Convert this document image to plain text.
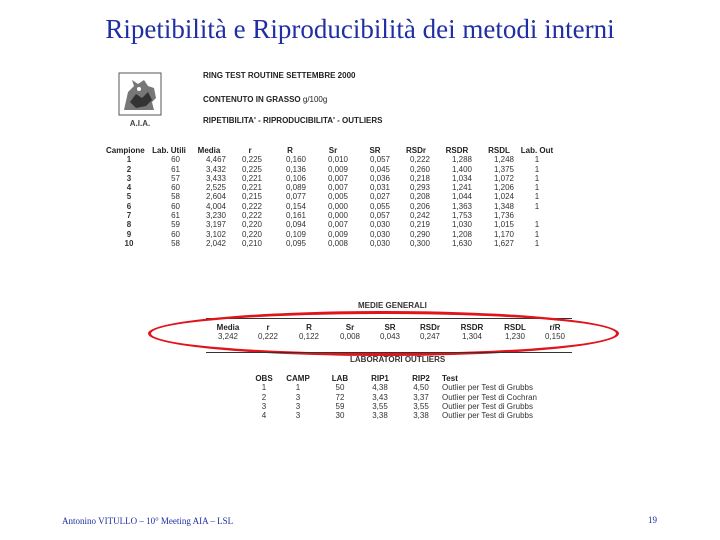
Ripetibilità e Riproducibilità dei metodi interni
A.I.A.
RING TEST ROUTINE SETTEMBRE 2000
CONTENUTO IN GRASSO g/100g
RIPETIBILITA' - RIPRODUCIBILITA' - OUTLIERS
Campione	Lab. Utili	Media	r	R	Sr	SR	RSDr	RSDR	RSDL	Lab. Out
1	60	4,467	0,225	0,160	0,010	0,057	0,222	1,288	1,248	1
2	61	3,432	0,225	0,136	0,009	0,045	0,260	1,400	1,375	1
3	57	3,433	0,221	0,106	0,007	0,036	0,218	1,034	1,072	1
4	60	2,525	0,221	0,089	0,007	0,031	0,293	1,241	1,206	1
5	58	2,604	0,215	0,077	0,005	0,027	0,208	1,044	1,024	1
6	60	4,004	0,222	0,154	0,000	0,055	0,206	1,363	1,348	1
7	61	3,230	0,222	0,161	0,000	0,057	0,242	1,753	1,736	
8	59	3,197	0,220	0,094	0,007	0,030	0,219	1,030	1,015	1
9	60	3,102	0,220	0,109	0,009	0,030	0,290	1,208	1,170	1
10	58	2,042	0,210	0,095	0,008	0,030	0,300	1,630	1,627	1
MEDIE GENERALI
Media	r	R	Sr	SR	RSDr	RSDR	RSDL	r/R
3,242	0,222	0,122	0,008	0,043	0,247	1,304	1,230	0,150
LABORATORI OUTLIERS
OBS	CAMP	LAB	RIP1	RIP2	Test
1	1	50	4,38	4,50	Outlier per Test di Grubbs
2	3	72	3,43	3,37	Outlier per Test di Cochran
3	3	59	3,55	3,55	Outlier per Test di Grubbs
4	3	30	3,38	3,38	Outlier per Test di Grubbs
Antonino VITULLO – 10° Meeting AIA – LSL	19
